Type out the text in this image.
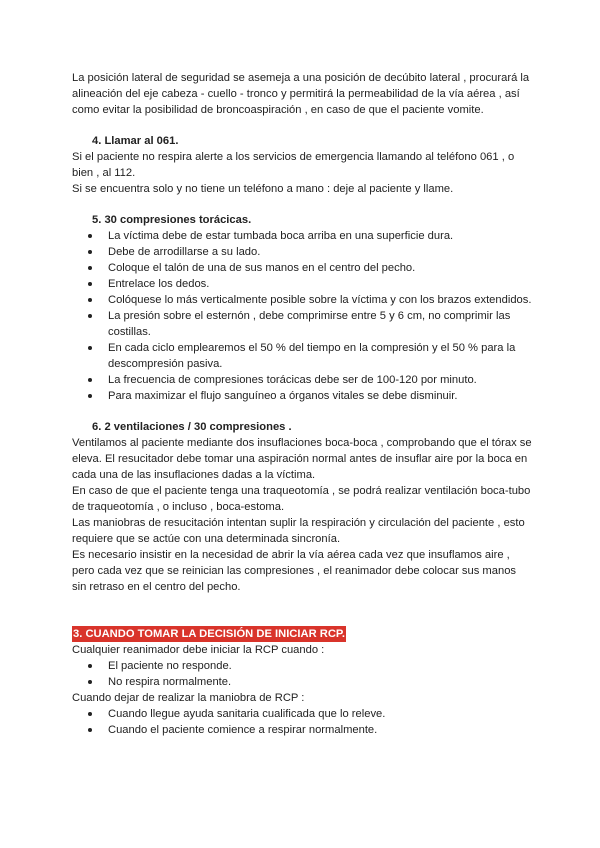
La posición lateral de seguridad se asemeja a una posición de decúbito lateral , procurará la alineación del eje cabeza - cuello - tronco y permitirá la permeabilidad de la vía aérea , así como evitar la posibilidad de broncoaspiración , en caso de que el paciente vomite.

4. Llamar al 061.

Si el paciente no respira alerte a los servicios de emergencia llamando al teléfono 061 , o bien , al 112.

Si se encuentra solo y no tiene un teléfono a mano : deje al paciente y llame.

5. 30 compresiones torácicas.

La víctima debe de estar tumbada boca arriba en una superficie dura.
Debe de arrodillarse a su lado.
Coloque el talón de una de sus manos en el centro del pecho.
Entrelace los dedos.
Colóquese lo más verticalmente posible sobre la víctima y con los brazos extendidos.
La presión sobre el esternón , debe comprimirse entre 5 y 6 cm, no comprimir las costillas.
En cada ciclo emplearemos el 50 % del tiempo en la compresión y el 50 % para la descompresión pasiva.
La frecuencia de compresiones torácicas debe ser de 100-120 por minuto.
Para maximizar el flujo sanguíneo a órganos vitales se debe disminuir.

6. 2 ventilaciones / 30 compresiones .

Ventilamos al paciente mediante dos insuflaciones boca-boca , comprobando que el tórax se eleva. El resucitador debe tomar una aspiración normal antes de insuflar aire por la boca en cada una de las insuflaciones dadas a la víctima.

En caso de que el paciente tenga una traqueotomía , se podrá realizar ventilación boca-tubo de traqueotomía , o incluso , boca-estoma.

Las maniobras de resucitación intentan suplir la respiración y circulación del paciente , esto requiere que se actúe con una determinada sincronía.

Es necesario insistir en la necesidad de abrir la vía aérea cada vez que insuflamos aire , pero cada vez que se reinician las compresiones , el reanimador debe colocar sus manos sin retraso en el centro del pecho.

3. CUANDO TOMAR LA DECISIÓN DE INICIAR RCP.

Cualquier reanimador debe iniciar la RCP cuando :

El paciente no responde.
No respira normalmente.

Cuando dejar de realizar la maniobra de RCP :

Cuando llegue ayuda sanitaria cualificada que lo releve.
Cuando el paciente comience a respirar normalmente.
